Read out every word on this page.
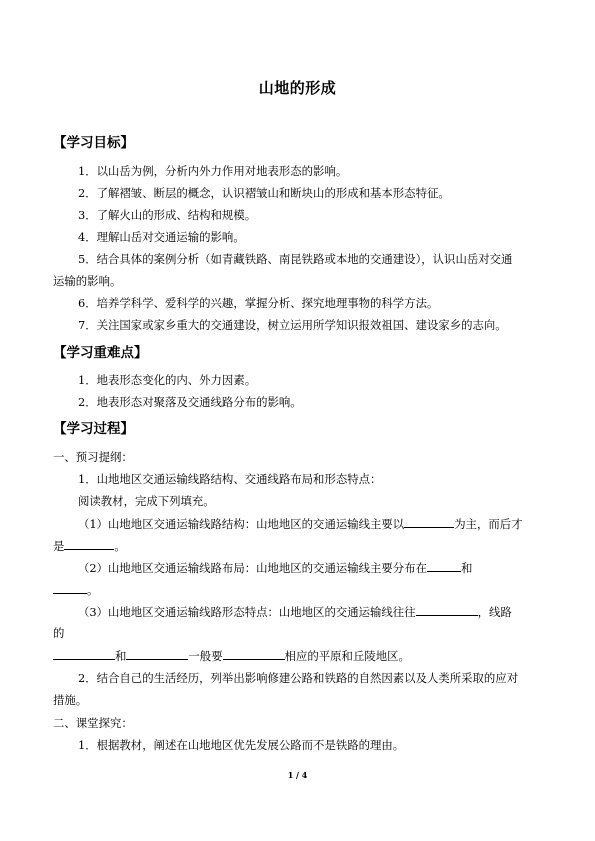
山地的形成
【学习目标】
1．以山岳为例，分析内外力作用对地表形态的影响。
2．了解褶皱、断层的概念，认识褶皱山和断块山的形成和基本形态特征。
3．了解火山的形成、结构和规模。
4．理解山岳对交通运输的影响。
5．结合具体的案例分析（如青藏铁路、南昆铁路或本地的交通建设），认识山岳对交通
运输的影响。
6．培养学科学、爱科学的兴趣，掌握分析、探究地理事物的科学方法。
7．关注国家或家乡重大的交通建设，树立运用所学知识报效祖国、建设家乡的志向。
【学习重难点】
1．地表形态变化的内、外力因素。
2．地表形态对聚落及交通线路分布的影响。
【学习过程】
一、预习提纲：
1．山地地区交通运输线路结构、交通线路布局和形态特点：
阅读教材，完成下列填充。
（1）山地地区交通运输线路结构：山地地区的交通运输线主要以	为主，而后才
是	。
（2）山地地区交通运输线路布局：山地地区的交通运输线主要分布在	和
。
（3）山地地区交通运输线路形态特点：山地地区的交通运输线往往	，线路
的
和	一般要	相应的平原和丘陵地区。
2．结合自己的生活经历，列举出影响修建公路和铁路的自然因素以及人类所采取的应对
措施。
二、课堂探究：
1．根据教材，阐述在山地地区优先发展公路而不是铁路的理由。
1 / 4
